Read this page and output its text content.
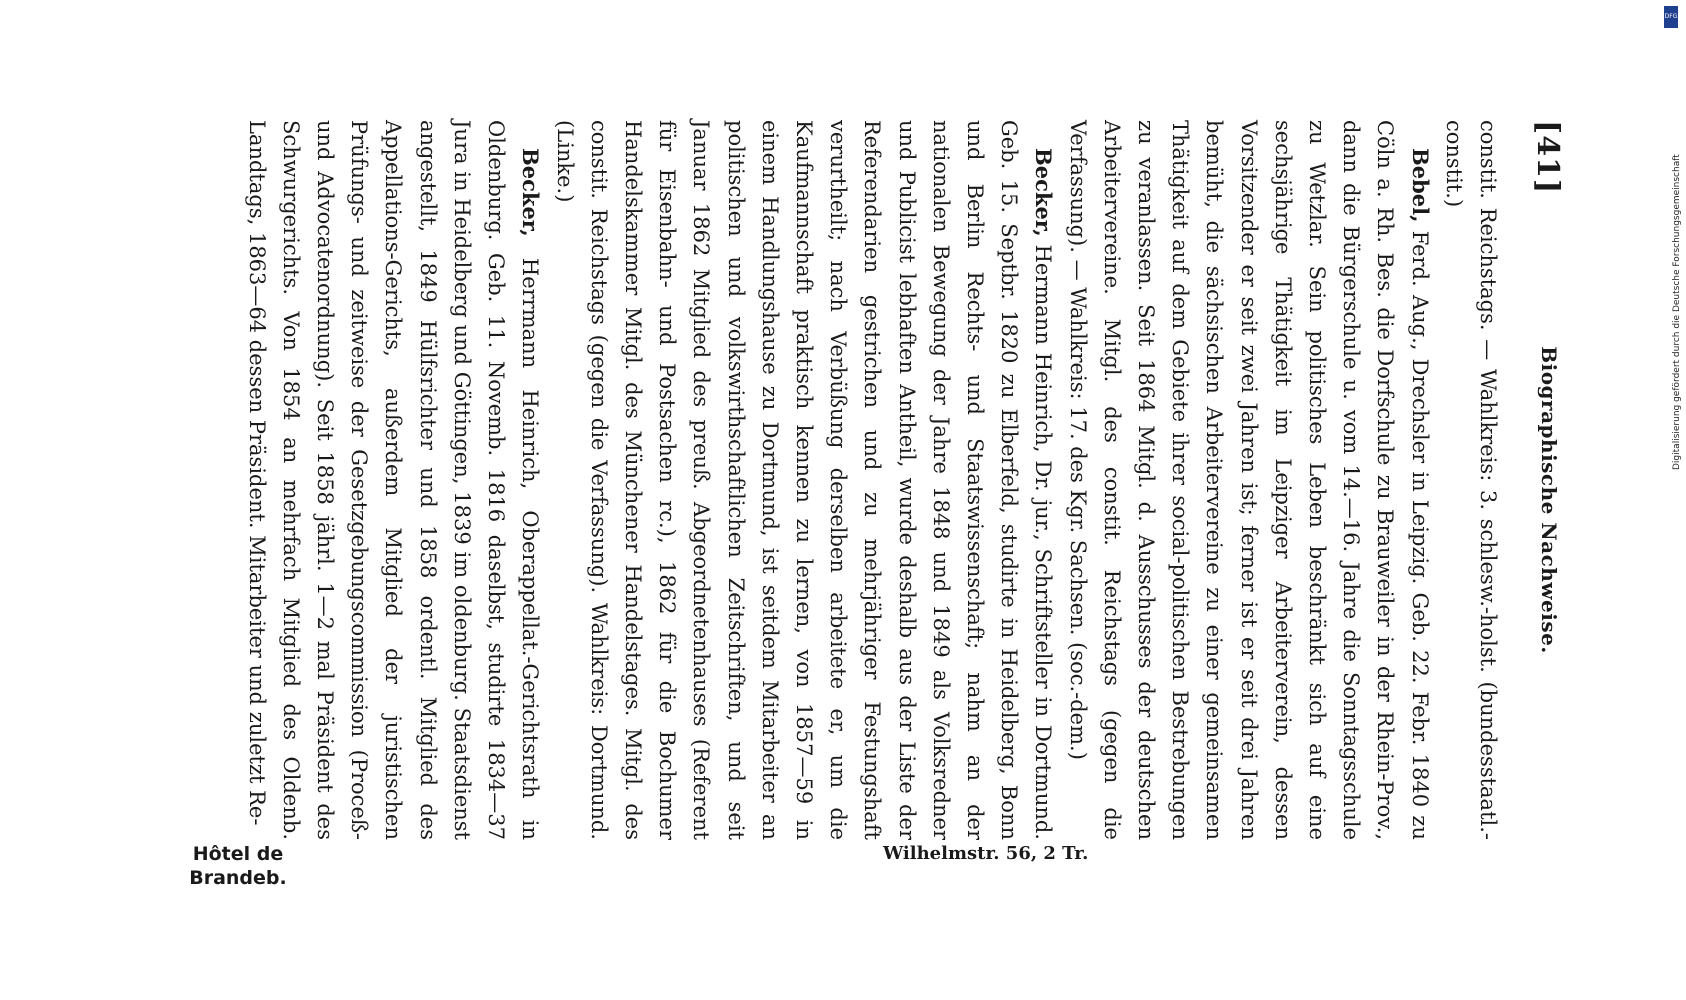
[41]
Biographische Nachweise.

constit. Reichstags. — Wahlkreis: 3. schlesw.-holst. (bundesstaatl.-constit.)

Bebel, Ferd. Aug., Drechsler in Leipzig. Geb. 22. Febr. 1840 zu Cöln a. Rh. Bes. die Dorfschule zu Brauweiler in der Rhein-Prov., dann die Bürgerschule u. vom 14.—16. Jahre die Sonntagsschule zu Wetzlar. Sein politisches Leben beschränkt sich auf eine sechsjährige Thätigkeit im Leipziger Arbeiterverein, dessen Vorsitzender er seit zwei Jahren ist; ferner ist er seit drei Jahren bemüht, die sächsischen Arbeitervereine zu einer gemeinsamen Thätigkeit auf dem Gebiete ihrer social-politischen Bestrebungen zu veranlassen. Seit 1864 Mitgl. d. Ausschusses der deutschen Arbeitervereine. Mitgl. des constit. Reichstags (gegen die Verfassung). — Wahlkreis: 17. des Kgr. Sachsen. (soc.-dem.)

Becker, Hermann Heinrich, Dr. jur., Schriftsteller in Dortmund. Geb. 15. Septbr. 1820 zu Elberfeld, studirte in Heidelberg, Bonn und Berlin Rechts- und Staatswissenschaft; nahm an der nationalen Bewegung der Jahre 1848 und 1849 als Volksredner und Publicist lebhaften Antheil, wurde deshalb aus der Liste der Referendarien gestrichen und zu mehrjähriger Festungshaft verurtheilt; nach Verbüßung derselben arbeitete er, um die Kaufmannschaft praktisch kennen zu lernen, von 1857—59 in einem Handlungshause zu Dortmund, ist seitdem Mitarbeiter an politischen und volkswirthschaftlichen Zeitschriften, und seit Januar 1862 Mitglied des preuß. Abgeordnetenhauses (Referent für Eisenbahn- und Postsachen rc.), 1862 für die Bochumer Handelskammer Mitgl. des Münchener Handelstages. Mitgl. des constit. Reichstags (gegen die Verfassung). Wahlkreis: Dortmund. (Linke.)

Becker, Herrmann Heinrich, Oberappellat.-Gerichtsrath in Oldenburg. Geb. 11. Novemb. 1816 daselbst, studirte 1834—37 Jura in Heidelberg und Göttingen, 1839 im oldenburg. Staatsdienst angestellt, 1849 Hülfsrichter und 1858 ordentl. Mitglied des Appellations-Gerichts, außerdem Mitglied der juristischen Prüfungs- und zeitweise der Gesetzgebungscommission (Proceß- und Advocatenordnung). Seit 1858 jährl. 1—2 mal Präsident des Schwurgerichts. Von 1854 an mehrfach Mitglied des Oldenb. Landtags, 1863—64 dessen Präsident. Mitarbeiter und zuletzt Re-

Wilhelmstr. 56, 2 Tr.
Hôtel de
Brandeb.
DFG
Digitalisierung gefördert durch die Deutsche Forschungsgemeinschaft
